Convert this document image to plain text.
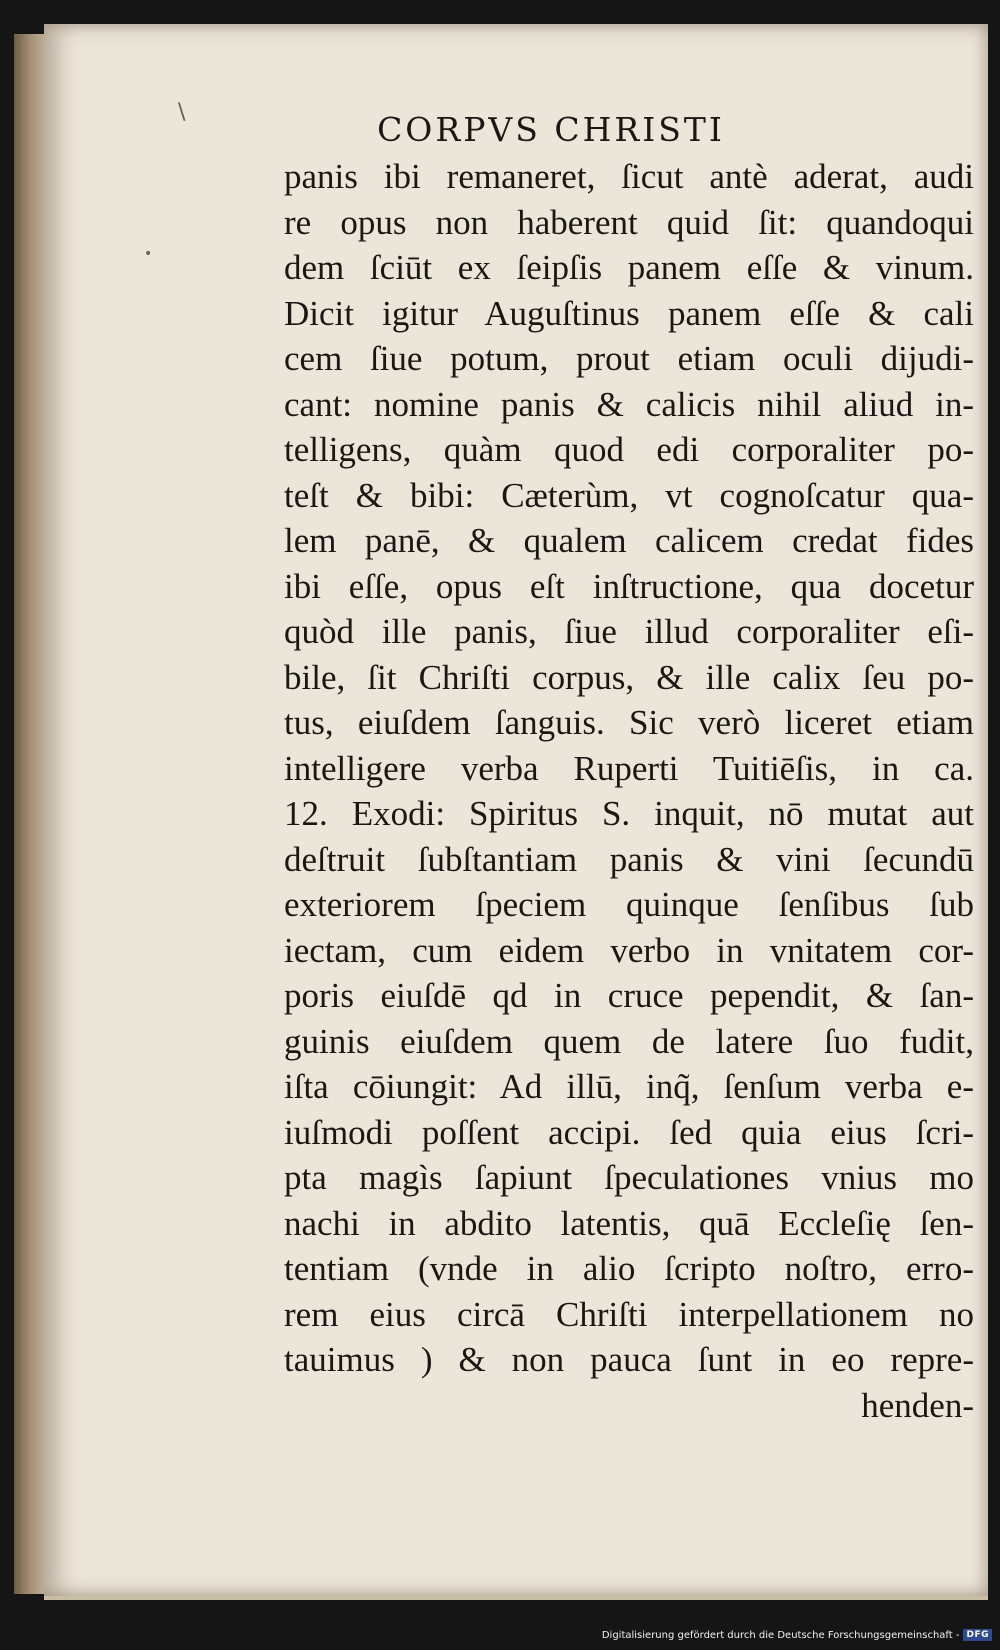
CORPVS CHRISTI
\
•
panis ibi remaneret, ſicut antè aderat, audi
re opus non haberent quid ſit: quandoqui
dem ſciūt ex ſeipſis panem eſſe & vinum.
Dicit igitur Auguſtinus panem eſſe & cali
cem ſiue potum, prout etiam oculi dijudi-
cant: nomine panis & calicis nihil aliud in-
telligens, quàm quod edi corporaliter po-
teſt & bibi: Cæterùm, vt cognoſcatur qua-
lem panē, & qualem calicem credat fides
ibi eſſe, opus eſt inſtructione, qua docetur
quòd ille panis, ſiue illud corporaliter eſi-
bile, ſit Chriſti corpus, & ille calix ſeu po-
tus, eiuſdem ſanguis. Sic verò liceret etiam
intelligere verba Ruperti Tuitiēſis, in ca.
12. Exodi: Spiritus S. inquit, nō mutat aut
deſtruit ſubſtantiam panis & vini ſecundū
exteriorem ſpeciem quinque ſenſibus ſub
iectam, cum eidem verbo in vnitatem cor-
poris eiuſdē qd in cruce pependit, & ſan-
guinis eiuſdem quem de latere ſuo fudit,
iſta cōiungit: Ad illū, inq̃, ſenſum verba e-
iuſmodi poſſent accipi. ſed quia eius ſcri-
pta magìs ſapiunt ſpeculationes vnius mo
nachi in abdito latentis, quā Eccleſię ſen-
tentiam (vnde in alio ſcripto noſtro, erro-
rem eius circā Chriſti interpellationem no
tauimus ) & non pauca ſunt in eo repre-
henden-
Digitalisierung gefördert durch die Deutsche Forschungsgemeinschaft - DFG
